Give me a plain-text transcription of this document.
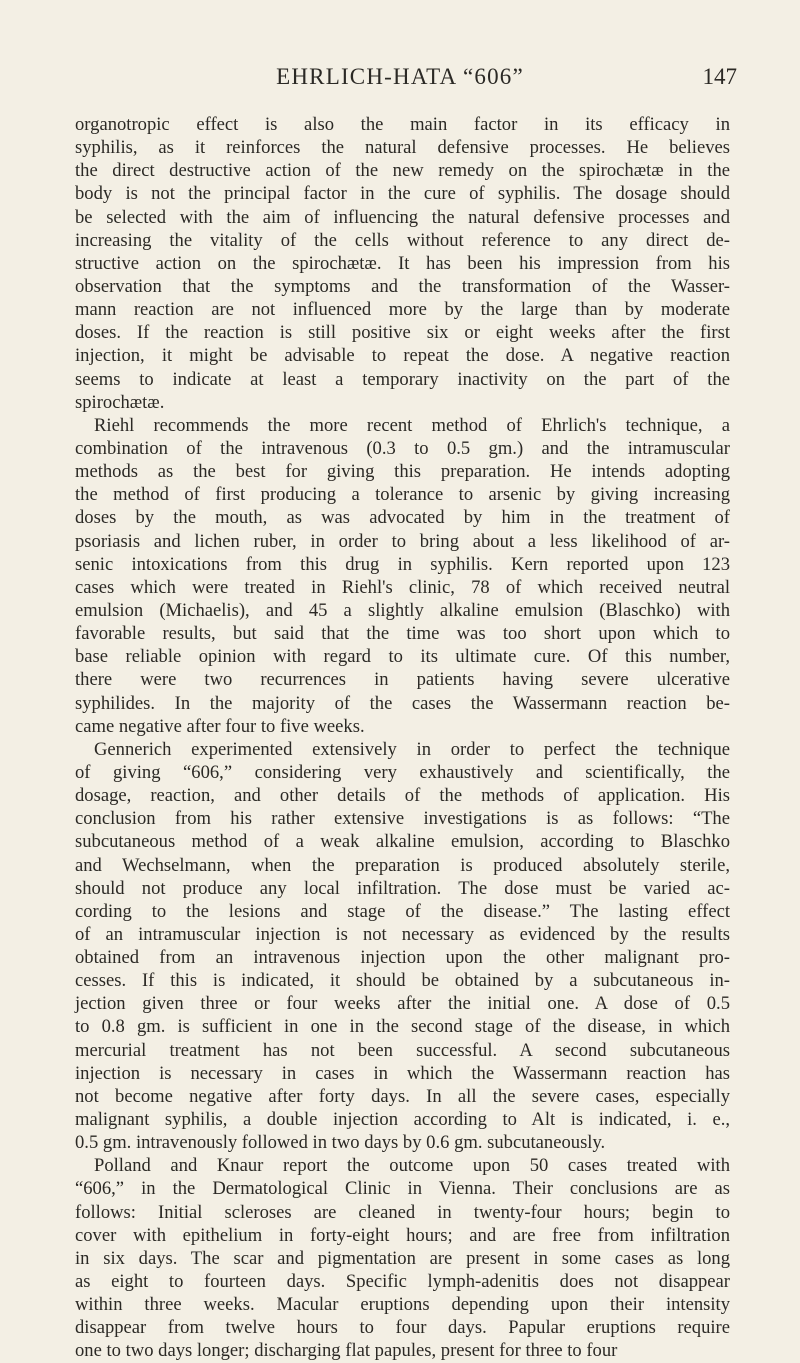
EHRLICH-HATA “606”	147
organotropic effect is also the main factor in its efficacy in
syphilis, as it reinforces the natural defensive processes. He believes
the direct destructive action of the new remedy on the spirochætæ in the
body is not the principal factor in the cure of syphilis. The dosage should
be selected with the aim of influencing the natural defensive processes and
increasing the vitality of the cells without reference to any direct de-
structive action on the spirochætæ. It has been his impression from his
observation that the symptoms and the transformation of the Wasser-
mann reaction are not influenced more by the large than by moderate
doses. If the reaction is still positive six or eight weeks after the first
injection, it might be advisable to repeat the dose. A negative reaction
seems to indicate at least a temporary inactivity on the part of the
spirochætæ.
Riehl recommends the more recent method of Ehrlich's technique, a
combination of the intravenous (0.3 to 0.5 gm.) and the intramuscular
methods as the best for giving this preparation. He intends adopting
the method of first producing a tolerance to arsenic by giving increasing
doses by the mouth, as was advocated by him in the treatment of
psoriasis and lichen ruber, in order to bring about a less likelihood of ar-
senic intoxications from this drug in syphilis. Kern reported upon 123
cases which were treated in Riehl's clinic, 78 of which received neutral
emulsion (Michaelis), and 45 a slightly alkaline emulsion (Blaschko) with
favorable results, but said that the time was too short upon which to
base reliable opinion with regard to its ultimate cure. Of this number,
there were two recurrences in patients having severe ulcerative
syphilides. In the majority of the cases the Wassermann reaction be-
came negative after four to five weeks.
Gennerich experimented extensively in order to perfect the technique
of giving “606,” considering very exhaustively and scientifically, the
dosage, reaction, and other details of the methods of application. His
conclusion from his rather extensive investigations is as follows: “The
subcutaneous method of a weak alkaline emulsion, according to Blaschko
and Wechselmann, when the preparation is produced absolutely sterile,
should not produce any local infiltration. The dose must be varied ac-
cording to the lesions and stage of the disease.” The lasting effect
of an intramuscular injection is not necessary as evidenced by the results
obtained from an intravenous injection upon the other malignant pro-
cesses. If this is indicated, it should be obtained by a subcutaneous in-
jection given three or four weeks after the initial one. A dose of 0.5
to 0.8 gm. is sufficient in one in the second stage of the disease, in which
mercurial treatment has not been successful. A second subcutaneous
injection is necessary in cases in which the Wassermann reaction has
not become negative after forty days. In all the severe cases, especially
malignant syphilis, a double injection according to Alt is indicated, i. e.,
0.5 gm. intravenously followed in two days by 0.6 gm. subcutaneously.
Polland and Knaur report the outcome upon 50 cases treated with
“606,” in the Dermatological Clinic in Vienna. Their conclusions are as
follows: Initial scleroses are cleaned in twenty-four hours; begin to
cover with epithelium in forty-eight hours; and are free from infiltration
in six days. The scar and pigmentation are present in some cases as long
as eight to fourteen days. Specific lymph-adenitis does not disappear
within three weeks. Macular eruptions depending upon their intensity
disappear from twelve hours to four days. Papular eruptions require
one to two days longer; discharging flat papules, present for three to four
